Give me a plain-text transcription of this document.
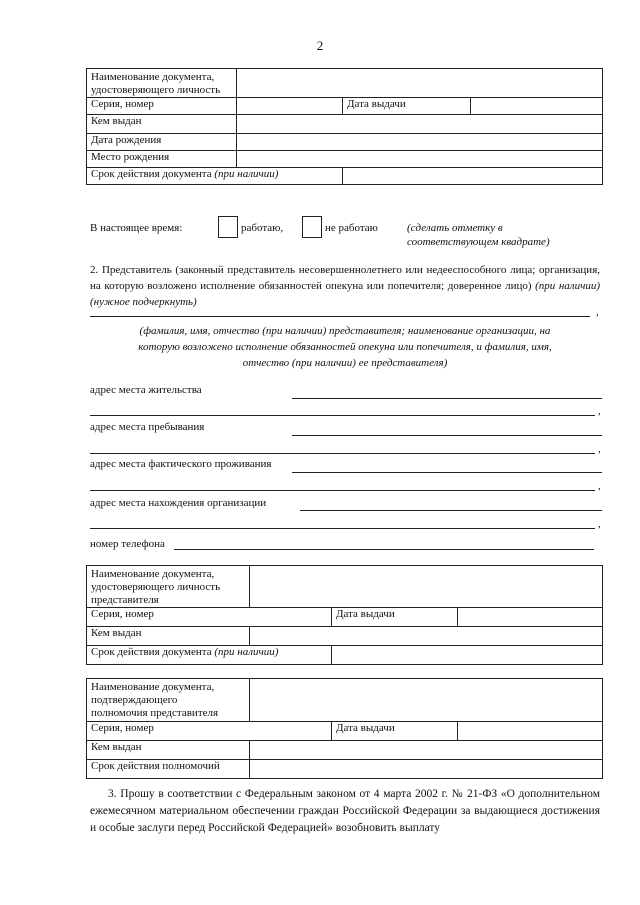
2
Наименование документа, удостоверяющего личность			
Серия, номер		Дата выдачи	
Кем выдан			
Дата рождения			
Место рождения			
Срок действия документа (при наличии)			
В настоящее время:	работаю,	не работаю	(сделать отметку в
соответствующем квадрате)
2. Представитель (законный представитель несовершеннолетнего или недееспособного лица; организация, на которую возложено исполнение обязанностей опекуна или попечителя; доверенное лицо) (при наличии) (нужное подчеркнуть)
,
(фамилия, имя, отчество (при наличии) представителя; наименование организации, на
которую возложено исполнение обязанностей опекуна или попечителя, и фамилия, имя,
отчество (при наличии) ее представителя)
адрес места жительства
,
адрес места пребывания
,
адрес места фактического проживания
,
адрес места нахождения организации
,
номер телефона
Наименование документа,
удостоверяющего личность
представителя			

Серия, номер		Дата выдачи	
Кем выдан			
Срок действия документа (при наличии)			
Наименование документа,
подтверждающего
полномочия представителя			

Серия, номер		Дата выдачи	
Кем выдан			
Срок действия полномочий			
3. Прошу в соответствии с Федеральным законом от 4 марта 2002 г. № 21-ФЗ «О дополнительном ежемесячном материальном обеспечении граждан Российской Федерации за выдающиеся достижения и особые заслуги перед Российской Федерацией» возобновить выплату
